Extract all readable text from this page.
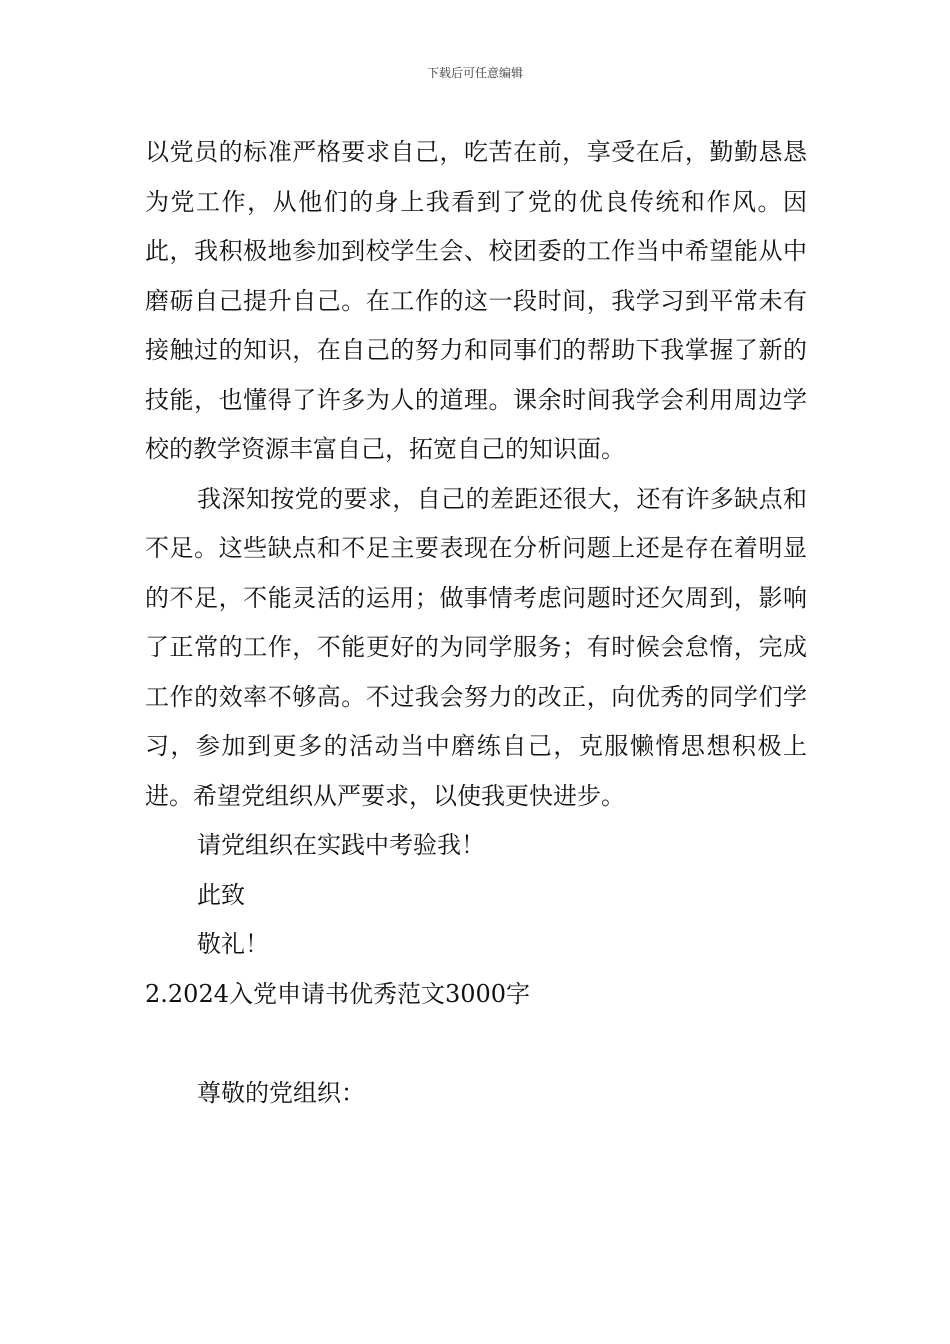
下载后可任意编辑

以党员的标准严格要求自己，吃苦在前，享受在后，勤勤恳恳为党工作，从他们的身上我看到了党的优良传统和作风。因此，我积极地参加到校学生会、校团委的工作当中希望能从中磨砺自己提升自己。在工作的这一段时间，我学习到平常未有接触过的知识，在自己的努力和同事们的帮助下我掌握了新的技能，也懂得了许多为人的道理。课余时间我学会利用周边学校的教学资源丰富自己，拓宽自己的知识面。

我深知按党的要求，自己的差距还很大，还有许多缺点和不足。这些缺点和不足主要表现在分析问题上还是存在着明显的不足，不能灵活的运用；做事情考虑问题时还欠周到，影响了正常的工作，不能更好的为同学服务；有时候会怠惰，完成工作的效率不够高。不过我会努力的改正，向优秀的同学们学习，参加到更多的活动当中磨练自己，克服懒惰思想积极上进。希望党组织从严要求，以使我更快进步。

请党组织在实践中考验我！

此致

敬礼！

2.2024入党申请书优秀范文3000字

尊敬的党组织：
